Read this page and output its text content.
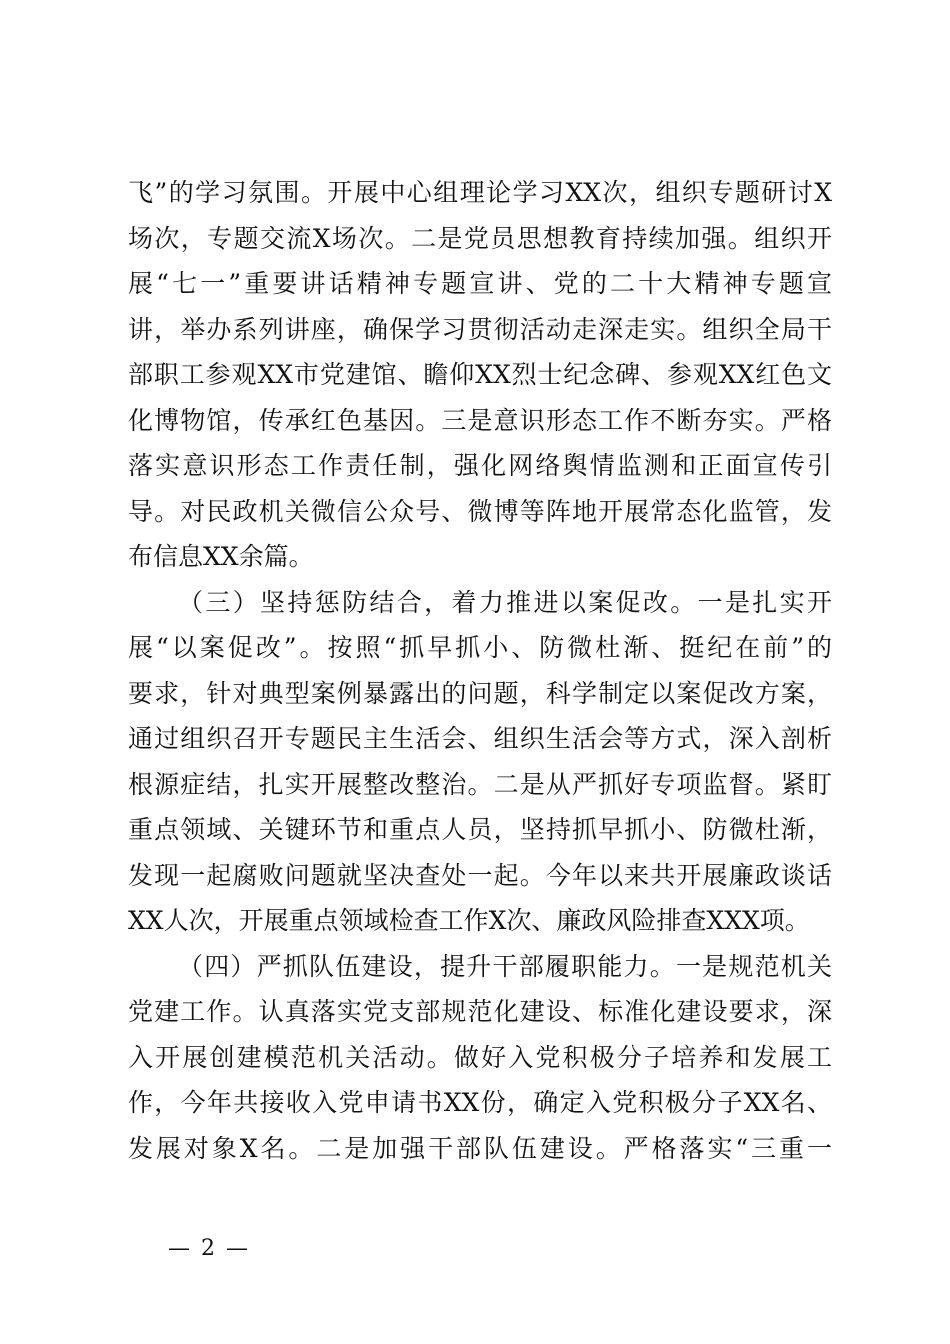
飞”的学习氛围。开展中心组理论学习XX次，组织专题研讨X

场次，专题交流X场次。二是党员思想教育持续加强。组织开

展“七一”重要讲话精神专题宣讲、党的二十大精神专题宣

讲，举办系列讲座，确保学习贯彻活动走深走实。组织全局干

部职工参观XX市党建馆、瞻仰XX烈士纪念碑、参观XX红色文

化博物馆，传承红色基因。三是意识形态工作不断夯实。严格

落实意识形态工作责任制，强化网络舆情监测和正面宣传引

导。对民政机关微信公众号、微博等阵地开展常态化监管，发

布信息XX余篇。

（三）坚持惩防结合，着力推进以案促改。一是扎实开

展“以案促改”。按照“抓早抓小、防微杜渐、挺纪在前”的

要求，针对典型案例暴露出的问题，科学制定以案促改方案，

通过组织召开专题民主生活会、组织生活会等方式，深入剖析

根源症结，扎实开展整改整治。二是从严抓好专项监督。紧盯

重点领域、关键环节和重点人员，坚持抓早抓小、防微杜渐，

发现一起腐败问题就坚决查处一起。今年以来共开展廉政谈话

XX人次，开展重点领域检查工作X次、廉政风险排查XXX项。

（四）严抓队伍建设，提升干部履职能力。一是规范机关

党建工作。认真落实党支部规范化建设、标准化建设要求，深

入开展创建模范机关活动。做好入党积极分子培养和发展工

作，今年共接收入党申请书XX份，确定入党积极分子XX名、

发展对象X名。二是加强干部队伍建设。严格落实“三重一

— 2 —
